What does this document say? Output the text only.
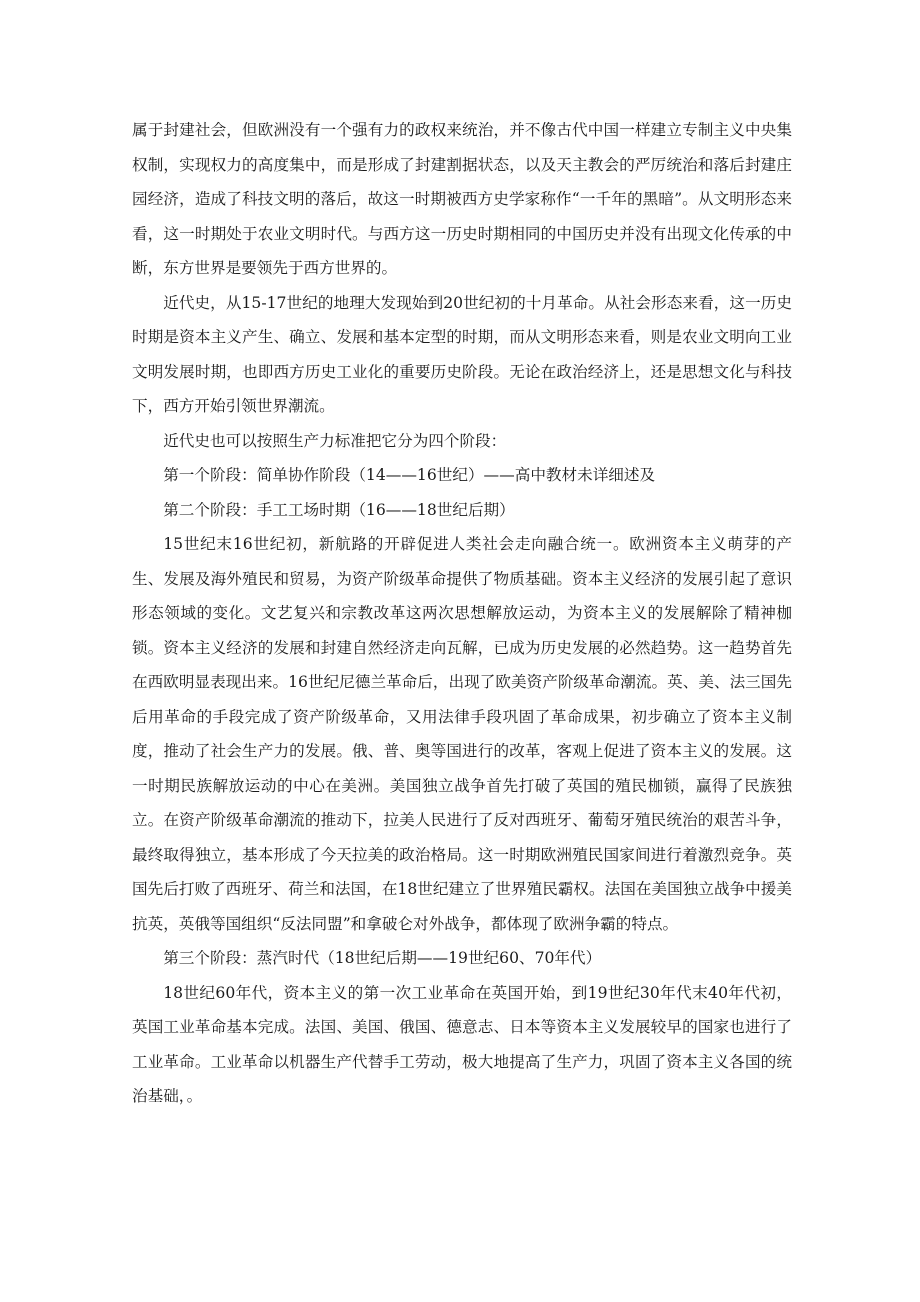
属于封建社会，但欧洲没有一个强有力的政权来统治，并不像古代中国一样建立专制主义中央集权制，实现权力的高度集中，而是形成了封建割据状态，以及天主教会的严厉统治和落后封建庄园经济，造成了科技文明的落后，故这一时期被西方史学家称作“一千年的黑暗”。从文明形态来看，这一时期处于农业文明时代。与西方这一历史时期相同的中国历史并没有出现文化传承的中断，东方世界是要领先于西方世界的。

近代史，从15-17世纪的地理大发现始到20世纪初的十月革命。从社会形态来看，这一历史时期是资本主义产生、确立、发展和基本定型的时期，而从文明形态来看，则是农业文明向工业文明发展时期，也即西方历史工业化的重要历史阶段。无论在政治经济上，还是思想文化与科技下，西方开始引领世界潮流。

近代史也可以按照生产力标准把它分为四个阶段：

第一个阶段：简单协作阶段（14——16世纪）——高中教材未详细述及

第二个阶段：手工工场时期（16——18世纪后期）

15世纪末16世纪初，新航路的开辟促进人类社会走向融合统一。欧洲资本主义萌芽的产生、发展及海外殖民和贸易，为资产阶级革命提供了物质基础。资本主义经济的发展引起了意识形态领域的变化。文艺复兴和宗教改革这两次思想解放运动，为资本主义的发展解除了精神枷锁。资本主义经济的发展和封建自然经济走向瓦解，已成为历史发展的必然趋势。这一趋势首先在西欧明显表现出来。16世纪尼德兰革命后，出现了欧美资产阶级革命潮流。英、美、法三国先后用革命的手段完成了资产阶级革命，又用法律手段巩固了革命成果，初步确立了资本主义制度，推动了社会生产力的发展。俄、普、奥等国进行的改革，客观上促进了资本主义的发展。这一时期民族解放运动的中心在美洲。美国独立战争首先打破了英国的殖民枷锁，赢得了民族独立。在资产阶级革命潮流的推动下，拉美人民进行了反对西班牙、葡萄牙殖民统治的艰苦斗争，最终取得独立，基本形成了今天拉美的政治格局。这一时期欧洲殖民国家间进行着激烈竞争。英国先后打败了西班牙、荷兰和法国，在18世纪建立了世界殖民霸权。法国在美国独立战争中援美抗英，英俄等国组织“反法同盟”和拿破仑对外战争，都体现了欧洲争霸的特点。

第三个阶段：蒸汽时代（18世纪后期——19世纪60、70年代）

18世纪60年代，资本主义的第一次工业革命在英国开始，到19世纪30年代末40年代初，英国工业革命基本完成。法国、美国、俄国、德意志、日本等资本主义发展较早的国家也进行了工业革命。工业革命以机器生产代替手工劳动，极大地提高了生产力，巩固了资本主义各国的统治基础，。
